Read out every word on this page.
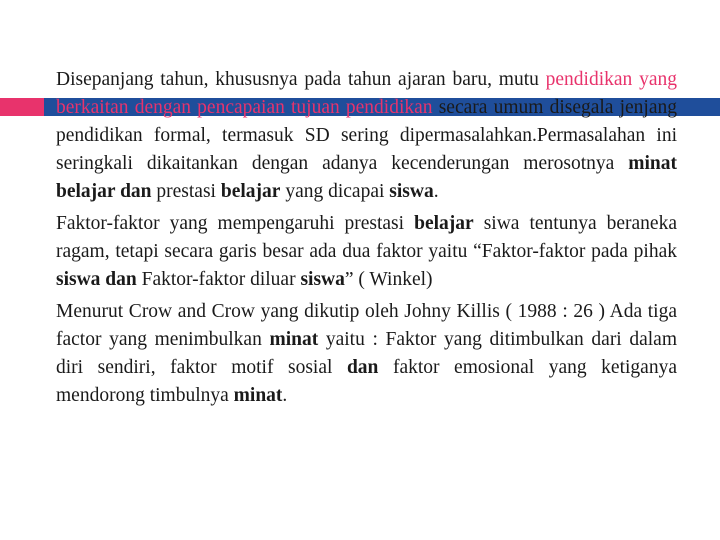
Disepanjang tahun, khususnya pada tahun ajaran baru, mutu pendidikan yang berkaitan dengan pencapaian tujuan pendidikan secara umum disegala jenjang pendidikan formal, termasuk SD sering dipermasalahkan.Permasalahan ini seringkali dikaitankan dengan adanya kecenderungan merosotnya minat belajar dan prestasi belajar yang dicapai siswa.

Faktor-faktor yang mempengaruhi prestasi belajar siwa tentunya beraneka ragam, tetapi secara garis besar ada dua faktor yaitu “Faktor-faktor pada pihak siswa dan Faktor-faktor diluar siswa” ( Winkel)

Menurut Crow and Crow yang dikutip oleh Johny Killis ( 1988 : 26 ) Ada tiga factor yang menimbulkan minat yaitu : Faktor yang ditimbulkan dari dalam diri sendiri, faktor motif sosial dan faktor emosional yang ketiganya mendorong timbulnya minat.
